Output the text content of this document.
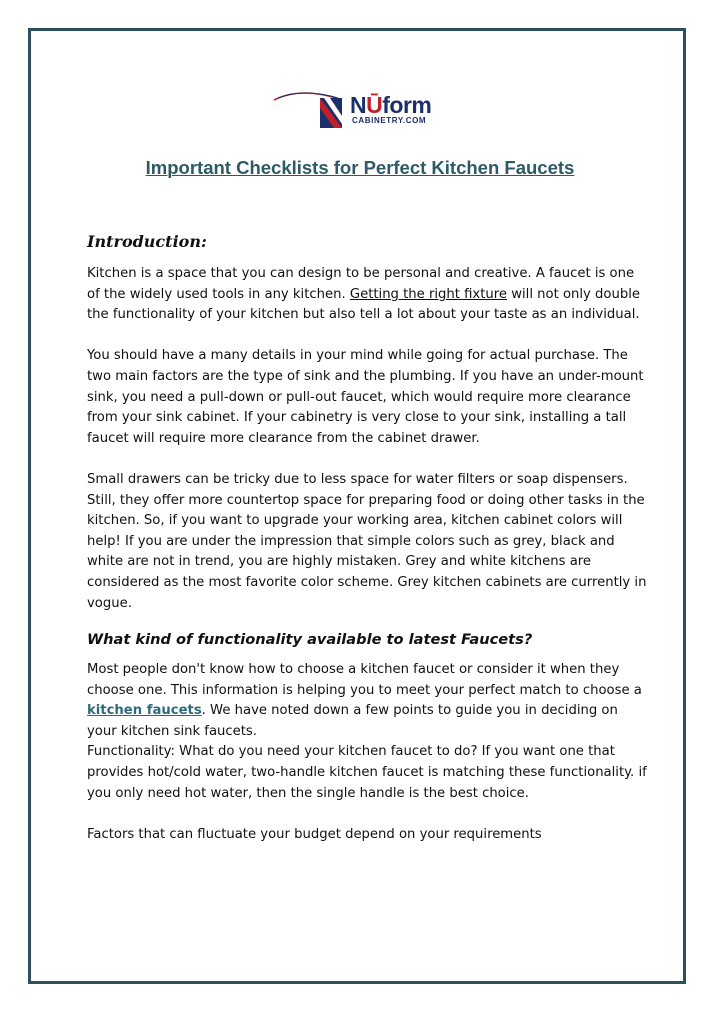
NŪform
CABINETRY.COM
Important Checklists for Perfect Kitchen Faucets
Introduction:

Kitchen is a space that you can design to be personal and creative. A faucet is one of the widely used tools in any kitchen. Getting the right fixture will not only double the functionality of your kitchen but also tell a lot about your taste as an individual.

You should have a many details in your mind while going for actual purchase. The two main factors are the type of sink and the plumbing. If you have an under-mount sink, you need a pull-down or pull-out faucet, which would require more clearance from your sink cabinet. If your cabinetry is very close to your sink, installing a tall faucet will require more clearance from the cabinet drawer.

Small drawers can be tricky due to less space for water filters or soap dispensers. Still, they offer more countertop space for preparing food or doing other tasks in the kitchen. So, if you want to upgrade your working area, kitchen cabinet colors will help! If you are under the impression that simple colors such as grey, black and white are not in trend, you are highly mistaken. Grey and white kitchens are considered as the most favorite color scheme. Grey kitchen cabinets are currently in vogue.

What kind of functionality available to latest Faucets?

Most people don't know how to choose a kitchen faucet or consider it when they choose one. This information is helping you to meet your perfect match to choose a kitchen faucets. We have noted down a few points to guide you in deciding on your kitchen sink faucets.

Functionality: What do you need your kitchen faucet to do? If you want one that provides hot/cold water, two-handle kitchen faucet is matching these functionality. if you only need hot water, then the single handle is the best choice.

Factors that can fluctuate your budget depend on your requirements
